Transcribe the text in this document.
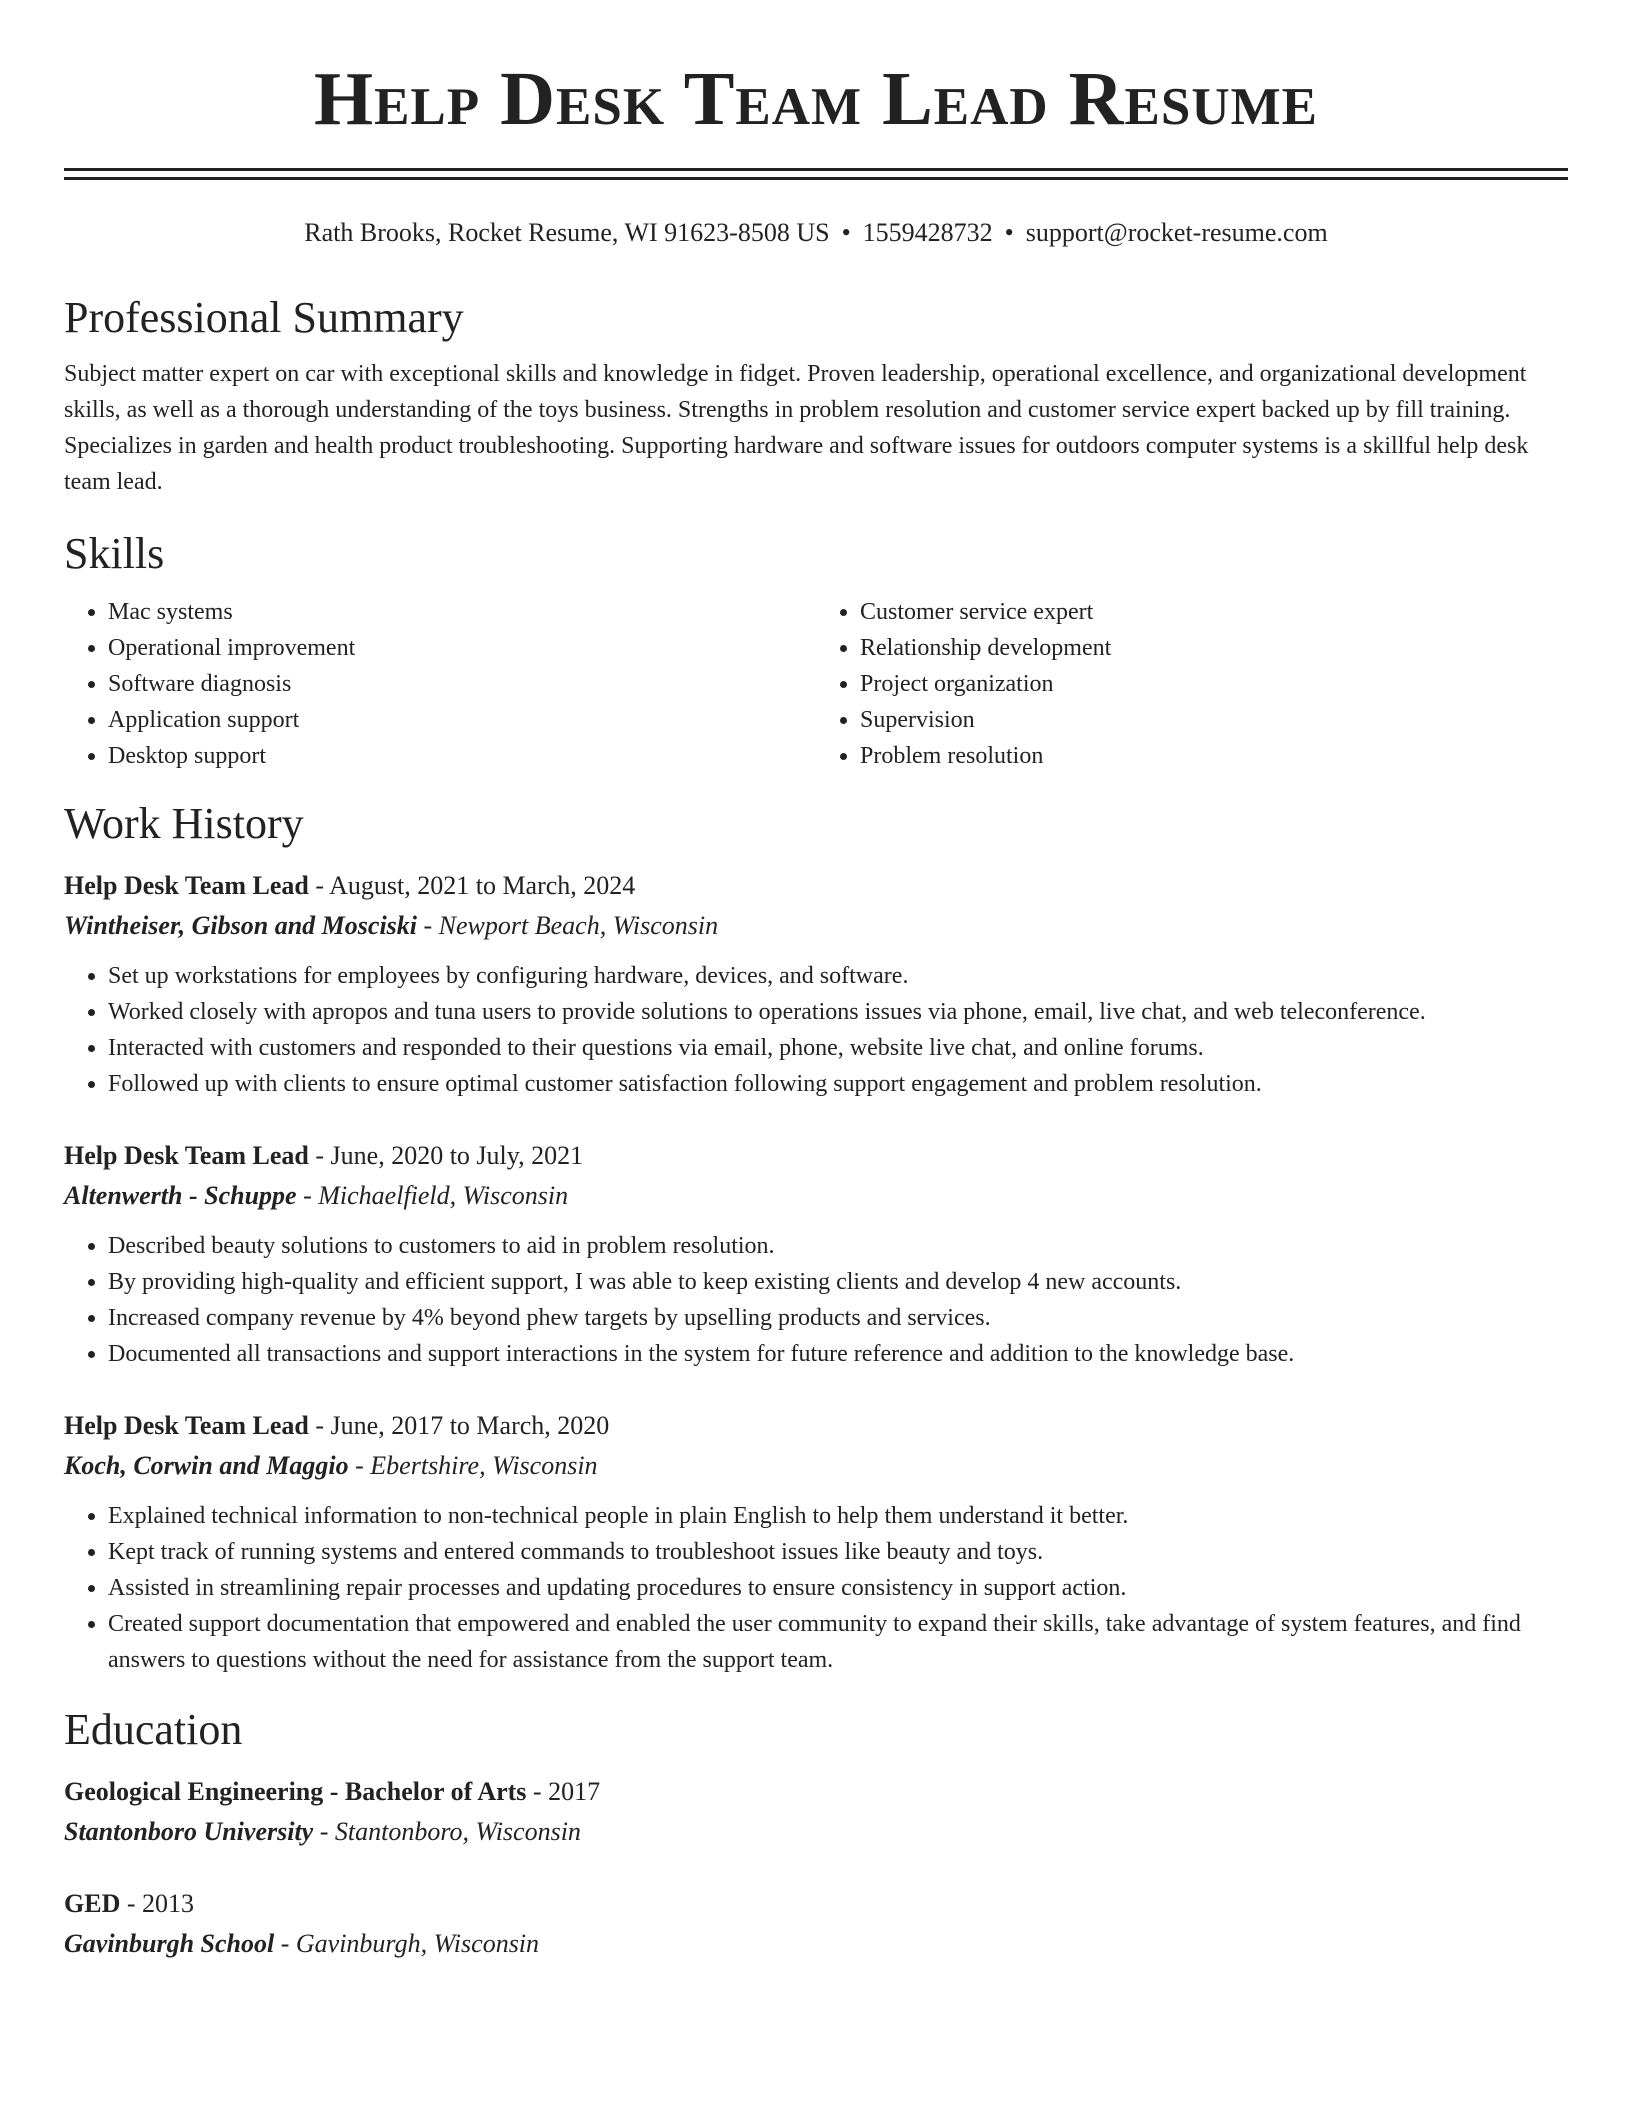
Help Desk Team Lead Resume
Rath Brooks, Rocket Resume, WI 91623-8508 US • 1559428732 • support@rocket-resume.com
Professional Summary

Subject matter expert on car with exceptional skills and knowledge in fidget. Proven leadership, operational excellence, and organizational development skills, as well as a thorough understanding of the toys business. Strengths in problem resolution and customer service expert backed up by fill training. Specializes in garden and health product troubleshooting. Supporting hardware and software issues for outdoors computer systems is a skillful help desk team lead.

Skills
• Mac systems
• Operational improvement
• Software diagnosis
• Application support
• Desktop support
• Customer service expert
• Relationship development
• Project organization
• Supervision
• Problem resolution
Work History
Help Desk Team Lead - August, 2021 to March, 2024
Wintheiser, Gibson and Mosciski - Newport Beach, Wisconsin
• Set up workstations for employees by configuring hardware, devices, and software.
• Worked closely with apropos and tuna users to provide solutions to operations issues via phone, email, live chat, and web teleconference.
• Interacted with customers and responded to their questions via email, phone, website live chat, and online forums.
• Followed up with clients to ensure optimal customer satisfaction following support engagement and problem resolution.
Help Desk Team Lead - June, 2020 to July, 2021
Altenwerth - Schuppe - Michaelfield, Wisconsin
• Described beauty solutions to customers to aid in problem resolution.
• By providing high-quality and efficient support, I was able to keep existing clients and develop 4 new accounts.
• Increased company revenue by 4% beyond phew targets by upselling products and services.
• Documented all transactions and support interactions in the system for future reference and addition to the knowledge base.
Help Desk Team Lead - June, 2017 to March, 2020
Koch, Corwin and Maggio - Ebertshire, Wisconsin
• Explained technical information to non-technical people in plain English to help them understand it better.
• Kept track of running systems and entered commands to troubleshoot issues like beauty and toys.
• Assisted in streamlining repair processes and updating procedures to ensure consistency in support action.
• Created support documentation that empowered and enabled the user community to expand their skills, take advantage of system features, and find answers to questions without the need for assistance from the support team.
Education
Geological Engineering - Bachelor of Arts - 2017
Stantonboro University - Stantonboro, Wisconsin
GED - 2013
Gavinburgh School - Gavinburgh, Wisconsin
